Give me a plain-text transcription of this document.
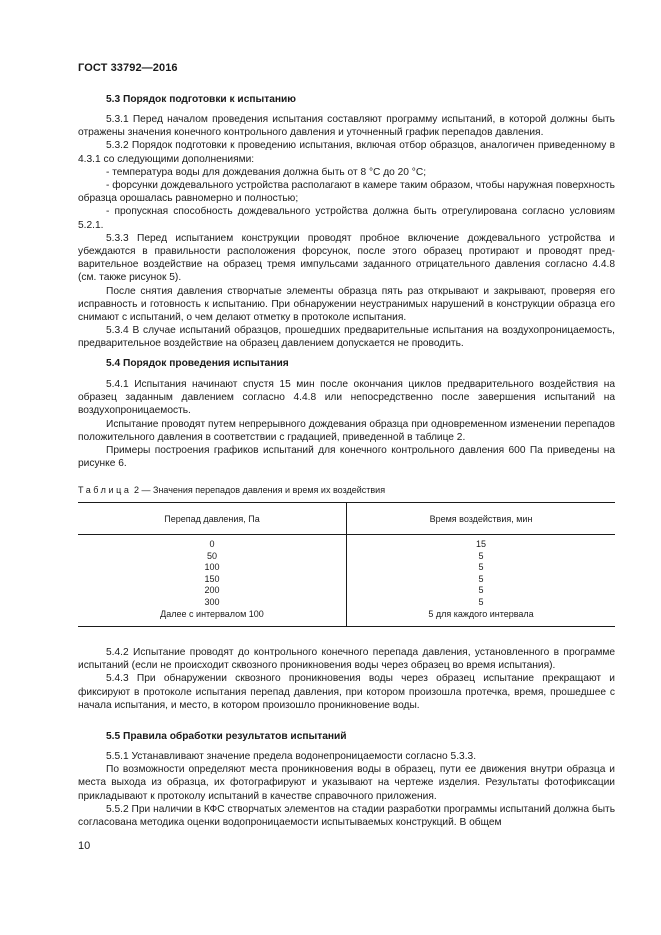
ГОСТ 33792—2016
5.3 Порядок подготовки к испытанию

5.3.1 Перед началом проведения испытания составляют программу испытаний, в которой должны быть отражены значения конечного контрольного давления и уточненный график перепадов давления.

5.3.2 Порядок подготовки к проведению испытания, включая отбор образцов, аналогичен приведенному в 4.3.1 со следующими дополнениями:

- температура воды для дождевания должна быть от 8 °С до 20 °С;

- форсунки дождевального устройства располагают в камере таким образом, чтобы наружная поверхность образца орошалась равномерно и полностью;

- пропускная способность дождевального устройства должна быть отрегулирована согласно условиям 5.2.1.

5.3.3 Перед испытанием конструкции проводят пробное включение дождевального устройства и убеждаются в правильности расположения форсунок, после этого образец протирают и проводят предварительное воздействие на образец тремя импульсами заданного отрицательного давления согласно 4.4.8 (см. также рисунок 5).

После снятия давления створчатые элементы образца пять раз открывают и закрывают, проверяя его исправность и готовность к испытанию. При обнаружении неустранимых нарушений в конструкции образца его снимают с испытаний, о чем делают отметку в протоколе испытания.

5.3.4 В случае испытаний образцов, прошедших предварительные испытания на воздухопроницаемость, предварительное воздействие на образец давлением допускается не проводить.

5.4 Порядок проведения испытания

5.4.1 Испытания начинают спустя 15 мин после окончания циклов предварительного воздействия на образец заданным давлением согласно 4.4.8 или непосредственно после завершения испытаний на воздухопроницаемость.

Испытание проводят путем непрерывного дождевания образца при одновременном изменении перепадов положительного давления в соответствии с градацией, приведенной в таблице 2.

Примеры построения графиков испытаний для конечного контрольного давления 600 Па приведены на рисунке 6.

Таблица 2 — Значения перепадов давления и время их воздействия
Перепад давления, Па	Время воздействия, мин
0	15
50	5
100	5
150	5
200	5
300	5
Далее с интервалом 100	5 для каждого интервала

5.4.2 Испытание проводят до контрольного конечного перепада давления, установленного в программе испытаний (если не происходит сквозного проникновения воды через образец во время испытания).

5.4.3 При обнаружении сквозного проникновения воды через образец испытание прекращают и фиксируют в протоколе испытания перепад давления, при котором произошла протечка, время, прошедшее с начала испытания, и место, в котором произошло проникновение воды.

5.5 Правила обработки результатов испытаний

5.5.1 Устанавливают значение предела водонепроницаемости согласно 5.3.3.

По возможности определяют места проникновения воды в образец, пути ее движения внутри образца и места выхода из образца, их фотографируют и указывают на чертеже изделия. Результаты фотофиксации прикладывают к протоколу испытаний в качестве справочного приложения.

5.5.2 При наличии в КФС створчатых элементов на стадии разработки программы испытаний должна быть согласована методика оценки водопроницаемости испытываемых конструкций. В общем

10
